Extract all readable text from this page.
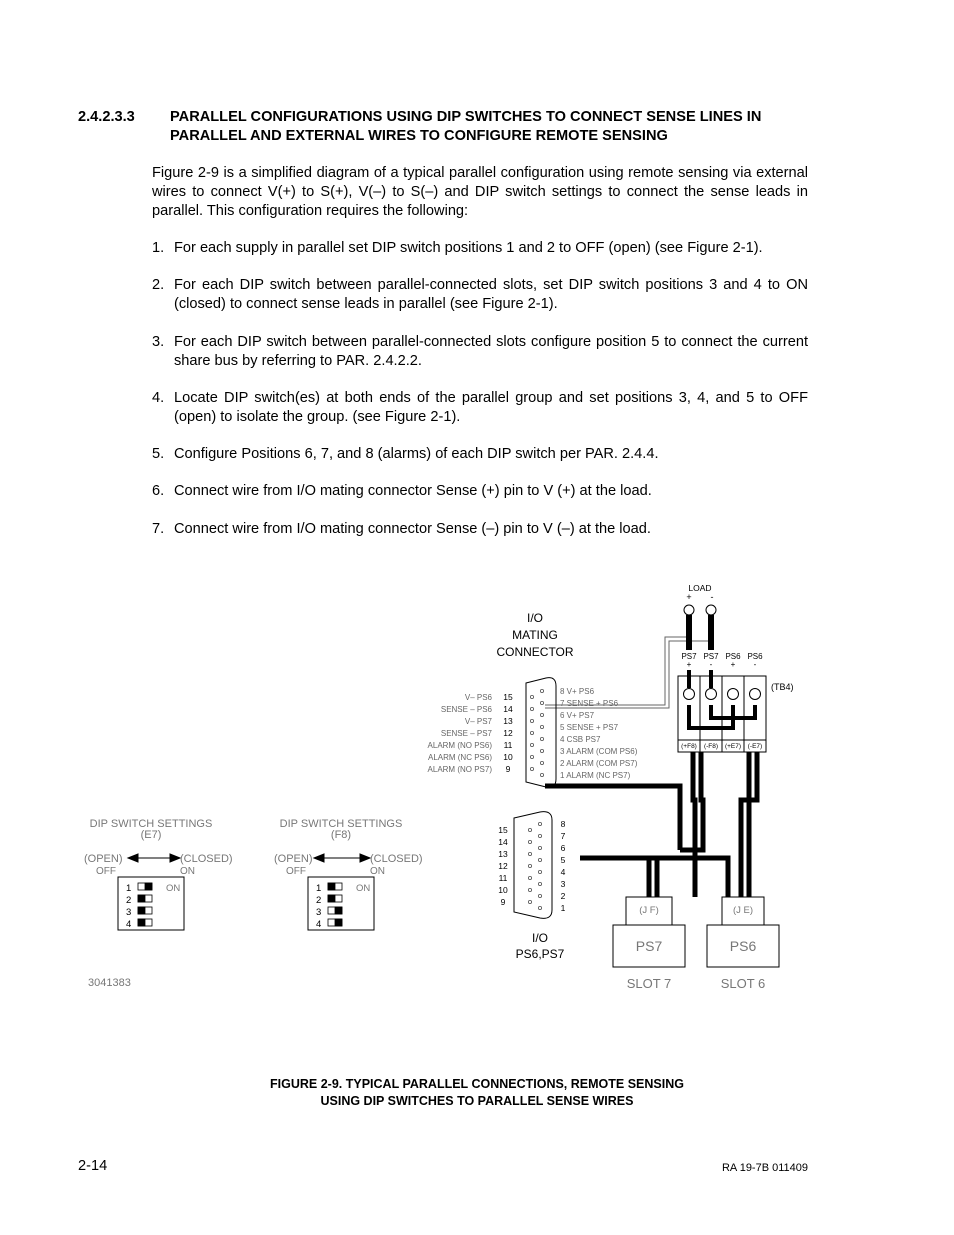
2.4.2.3.3 PARALLEL CONFIGURATIONS USING DIP SWITCHES TO CONNECT SENSE LINES IN
PARALLEL AND EXTERNAL WIRES TO CONFIGURE REMOTE SENSING
Figure 2-9 is a simplified diagram of a typical parallel configuration using remote sensing via external wires to connect V(+) to S(+), V(–) to S(–) and DIP switch settings to connect the sense leads in parallel. This configuration requires the following:
1. For each supply in parallel set DIP switch positions 1 and 2 to OFF (open) (see Figure 2-1).
2. For each DIP switch between parallel-connected slots, set DIP switch positions 3 and 4 to ON (closed) to connect sense leads in parallel (see Figure 2-1).
3. For each DIP switch between parallel-connected slots configure position 5 to connect the current share bus by referring to PAR. 2.4.2.2.
4. Locate DIP switch(es) at both ends of the parallel group and set positions 3, 4, and 5 to OFF (open) to isolate the group. (see Figure 2-1).
5. Configure Positions 6, 7, and 8 (alarms) of each DIP switch per PAR. 2.4.4.
6. Connect wire from I/O mating connector Sense (+) pin to V (+) at the load.
7. Connect wire from I/O mating connector Sense (–) pin to V (–) at the load.
LOAD
+ -
I/O
MATING
CONNECTOR
V– PS6 15
SENSE – PS6 14
V– PS7 13
SENSE – PS7 12
ALARM (NO PS6) 11
ALARM (NC PS6) 10
ALARM (NO PS7) 9
8 V+ PS6
7 SENSE + PS6
6 V+ PS7
5 SENSE + PS7
4 CSB PS7
3 ALARM (COM PS6)
2 ALARM (COM PS7)
1 ALARM (NC PS7)
PS7 PS7 PS6 PS6
+ - + -
(+F8) (-F8) (+E7) (-E7)
(TB4)
15
14
13
12
11
10
9
8
7
6
5
4
3
2
1
I/O
PS6,PS7
DIP SWITCH SETTINGS
(E7)
(OPEN)
OFF
(CLOSED)
ON
ON
1
2
3
4
DIP SWITCH SETTINGS
(F8)
(OPEN)
OFF
(CLOSED)
ON
ON
1
2
3
4
(J F)
PS7
SLOT 7
(J E)
PS6
SLOT 6
3041383
FIGURE 2-9. TYPICAL PARALLEL CONNECTIONS, REMOTE SENSING
USING DIP SWITCHES TO PARALLEL SENSE WIRES
2-14	RA 19-7B 011409
